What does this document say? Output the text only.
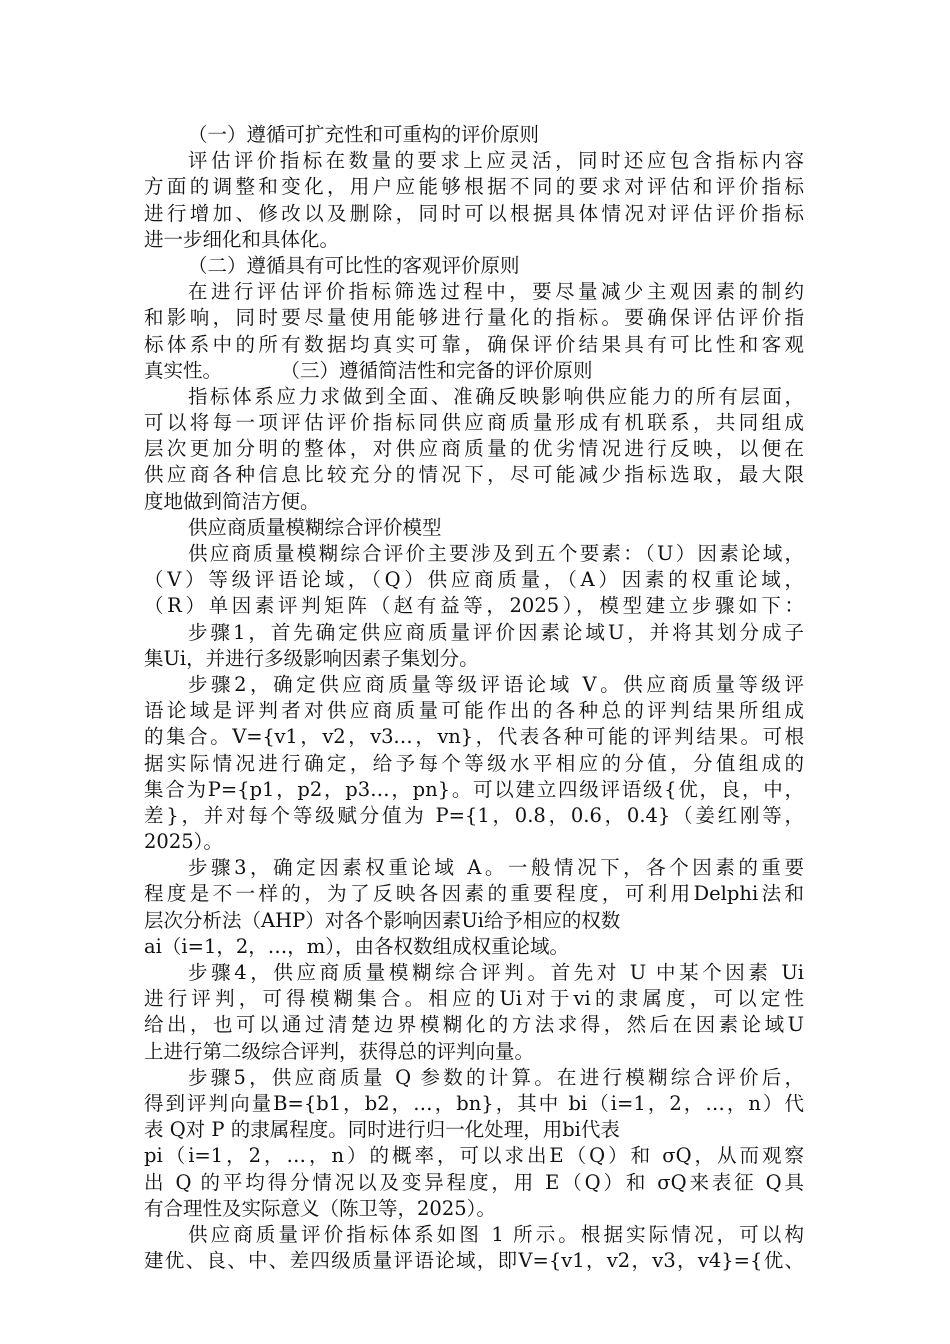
（一）遵循可扩充性和可重构的评价原则
评估评价指标在数量的要求上应灵活，同时还应包含指标内容
方面的调整和变化，用户应能够根据不同的要求对评估和评价指标
进行增加、修改以及删除，同时可以根据具体情况对评估评价指标
进一步细化和具体化。
（二）遵循具有可比性的客观评价原则
在进行评估评价指标筛选过程中，要尽量减少主观因素的制约
和影响，同时要尽量使用能够进行量化的指标。要确保评估评价指
标体系中的所有数据均真实可靠，确保评价结果具有可比性和客观
真实性。　　　　（三）遵循简洁性和完备的评价原则
指标体系应力求做到全面、准确反映影响供应能力的所有层面，
可以将每一项评估评价指标同供应商质量形成有机联系，共同组成
层次更加分明的整体，对供应商质量的优劣情况进行反映，以便在
供应商各种信息比较充分的情况下，尽可能减少指标选取，最大限
度地做到简洁方便。
供应商质量模糊综合评价模型
供应商质量模糊综合评价主要涉及到五个要素：（U）因素论域，
（V）等级评语论域，（Q）供应商质量，（A）因素的权重论域，
（R）单因素评判矩阵（赵有益等，2025），模型建立步骤如下：
步骤1，首先确定供应商质量评价因素论域U，并将其划分成子
集Ui，并进行多级影响因素子集划分。
步骤2，确定供应商质量等级评语论域 V。供应商质量等级评
语论域是评判者对供应商质量可能作出的各种总的评判结果所组成
的集合。V={v1，v2，v3…，vn}，代表各种可能的评判结果。可根
据实际情况进行确定，给予每个等级水平相应的分值，分值组成的
集合为P={p1，p2，p3…，pn}。可以建立四级评语级{优，良，中，
差}，并对每个等级赋分值为 P={1，0.8，0.6，0.4}（姜红刚等，
2025）。
步骤3，确定因素权重论域 A。一般情况下，各个因素的重要
程度是不一样的，为了反映各因素的重要程度，可利用Delphi法和
层次分析法（AHP）对各个影响因素Ui给予相应的权数
ai（i=1，2，…，m），由各权数组成权重论域。
步骤4，供应商质量模糊综合评判。首先对 U 中某个因素 Ui
进行评判，可得模糊集合。相应的Ui对于vi的隶属度，可以定性
给出，也可以通过清楚边界模糊化的方法求得，然后在因素论域U
上进行第二级综合评判，获得总的评判向量。
步骤5，供应商质量 Q 参数的计算。在进行模糊综合评价后，
得到评判向量B={b1，b2，…，bn}，其中 bi（i=1，2，…，n）代
表 Q对 P 的隶属程度。同时进行归一化处理，用bi代表
pi（i=1，2，…，n）的概率，可以求出E（Q）和 σQ，从而观察
出 Q 的平均得分情况以及变异程度，用 E（Q）和 σQ来表征 Q具
有合理性及实际意义（陈卫等，2025）。
供应商质量评价指标体系如图 1 所示。根据实际情况，可以构
建优、良、中、差四级质量评语论域，即V={v1，v2，v3，v4}={优、
